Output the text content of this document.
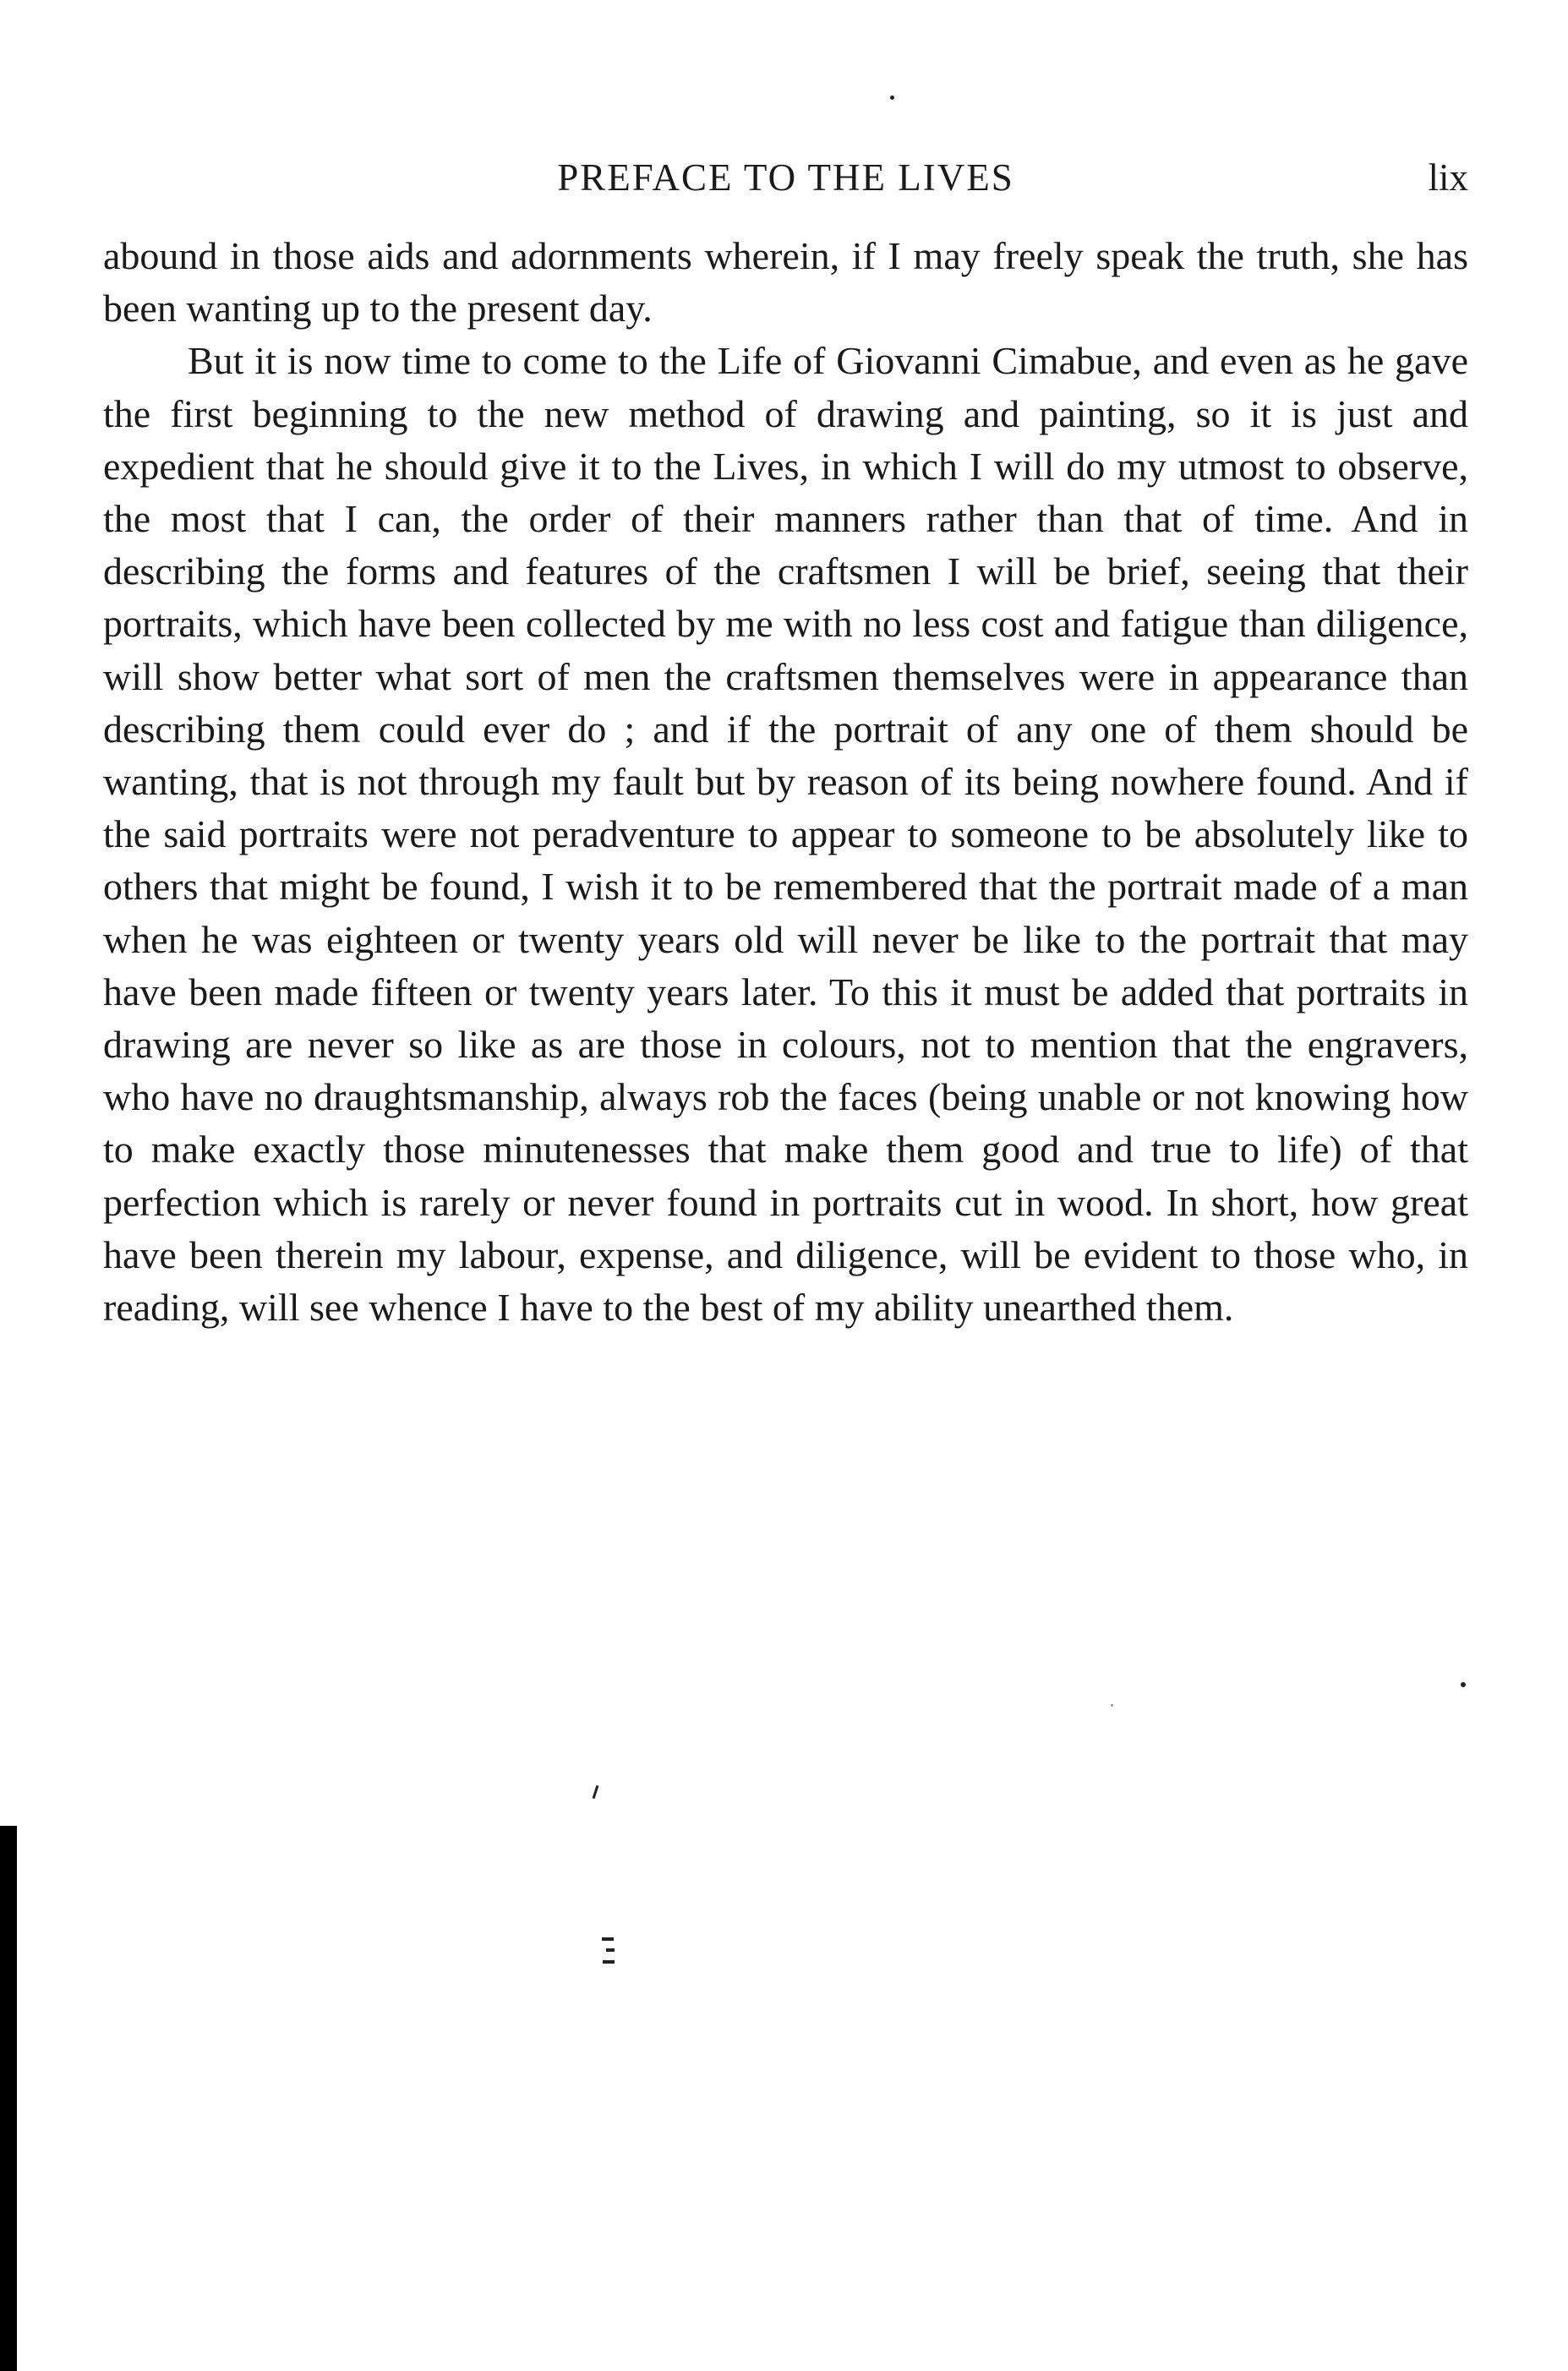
PREFACE TO THE LIVES	lix

abound in those aids and adornments wherein, if I may freely speak the truth, she has been wanting up to the present day.

But it is now time to come to the Life of Giovanni Cimabue, and even as he gave the first beginning to the new method of drawing and painting, so it is just and expedient that he should give it to the Lives, in which I will do my utmost to observe, the most that I can, the order of their manners rather than that of time. And in describing the forms and features of the craftsmen I will be brief, seeing that their portraits, which have been collected by me with no less cost and fatigue than diligence, will show better what sort of men the craftsmen themselves were in appearance than describing them could ever do ; and if the portrait of any one of them should be wanting, that is not through my fault but by reason of its being nowhere found. And if the said portraits were not peradventure to appear to someone to be absolutely like to others that might be found, I wish it to be remembered that the portrait made of a man when he was eighteen or twenty years old will never be like to the portrait that may have been made fifteen or twenty years later. To this it must be added that portraits in drawing are never so like as are those in colours, not to mention that the engravers, who have no draughtsmanship, always rob the faces (being unable or not knowing how to make exactly those minutenesses that make them good and true to life) of that perfection which is rarely or never found in portraits cut in wood. In short, how great have been therein my labour, expense, and diligence, will be evident to those who, in reading, will see whence I have to the best of my ability unearthed them.
